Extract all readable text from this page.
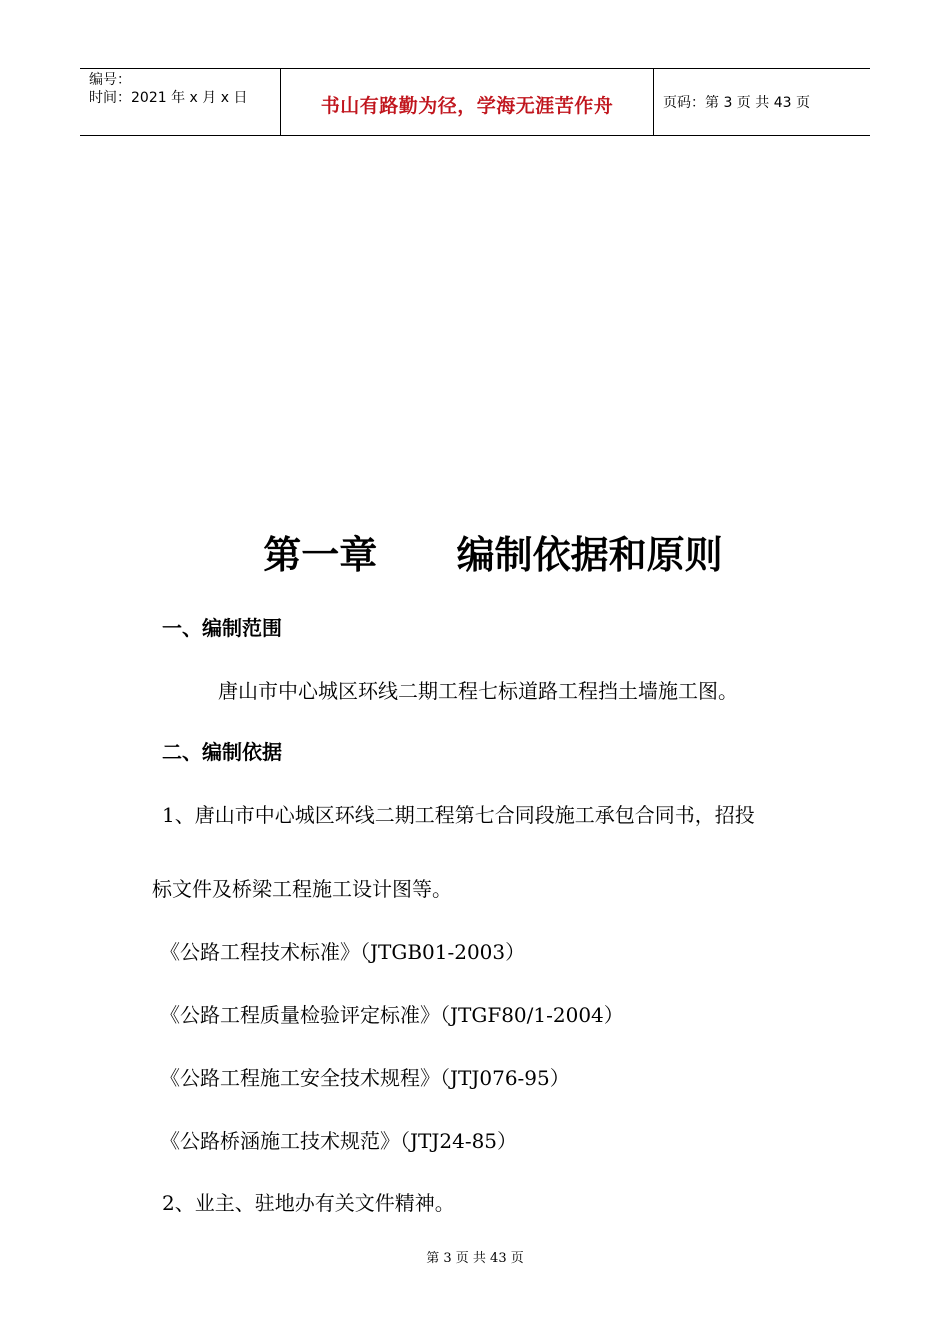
编号：
时间：2021 年 x 月 x 日	书山有路勤为径，学海无涯苦作舟	页码：第 3 页 共 43 页
第一章      编制依据和原则
一、编制范围
唐山市中心城区环线二期工程七标道路工程挡土墙施工图。
二、编制依据
1、唐山市中心城区环线二期工程第七合同段施工承包合同书，招投
标文件及桥梁工程施工设计图等。
《公路工程技术标准》（JTGB01-2003）
《公路工程质量检验评定标准》（JTGF80/1-2004）
《公路工程施工安全技术规程》（JTJ076-95）
《公路桥涵施工技术规范》（JTJ24-85）
2、业主、驻地办有关文件精神。
第 3 页 共 43 页
